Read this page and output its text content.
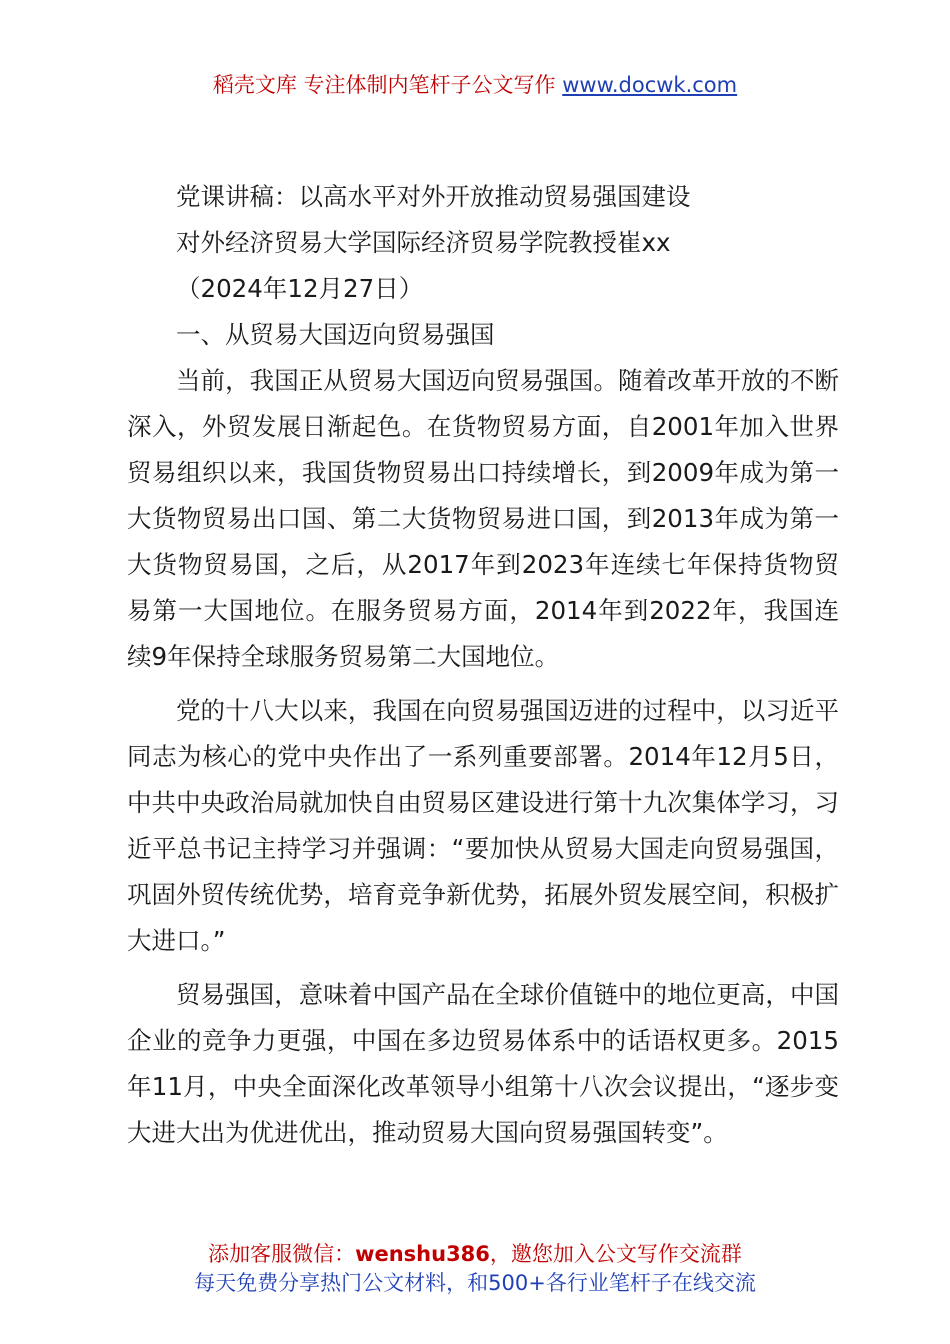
稻壳文库 专注体制内笔杆子公文写作 www.docwk.com

党课讲稿：以高水平对外开放推动贸易强国建设

对外经济贸易大学国际经济贸易学院教授崔xx

（2024年12月27日）

一、从贸易大国迈向贸易强国

当前，我国正从贸易大国迈向贸易强国。随着改革开放的不断深入，外贸发展日渐起色。在货物贸易方面，自2001年加入世界贸易组织以来，我国货物贸易出口持续增长，到2009年成为第一大货物贸易出口国、第二大货物贸易进口国，到2013年成为第一大货物贸易国，之后，从2017年到2023年连续七年保持货物贸易第一大国地位。在服务贸易方面，2014年到2022年，我国连续9年保持全球服务贸易第二大国地位。

党的十八大以来，我国在向贸易强国迈进的过程中，以习近平同志为核心的党中央作出了一系列重要部署。2014年12月5日，中共中央政治局就加快自由贸易区建设进行第十九次集体学习，习近平总书记主持学习并强调：“要加快从贸易大国走向贸易强国，巩固外贸传统优势，培育竞争新优势，拓展外贸发展空间，积极扩大进口。”

贸易强国，意味着中国产品在全球价值链中的地位更高，中国企业的竞争力更强，中国在多边贸易体系中的话语权更多。2015年11月，中央全面深化改革领导小组第十八次会议提出，“逐步变大进大出为优进优出，推动贸易大国向贸易强国转变”。

添加客服微信：wenshu386，邀您加入公文写作交流群
每天免费分享热门公文材料，和500+各行业笔杆子在线交流
